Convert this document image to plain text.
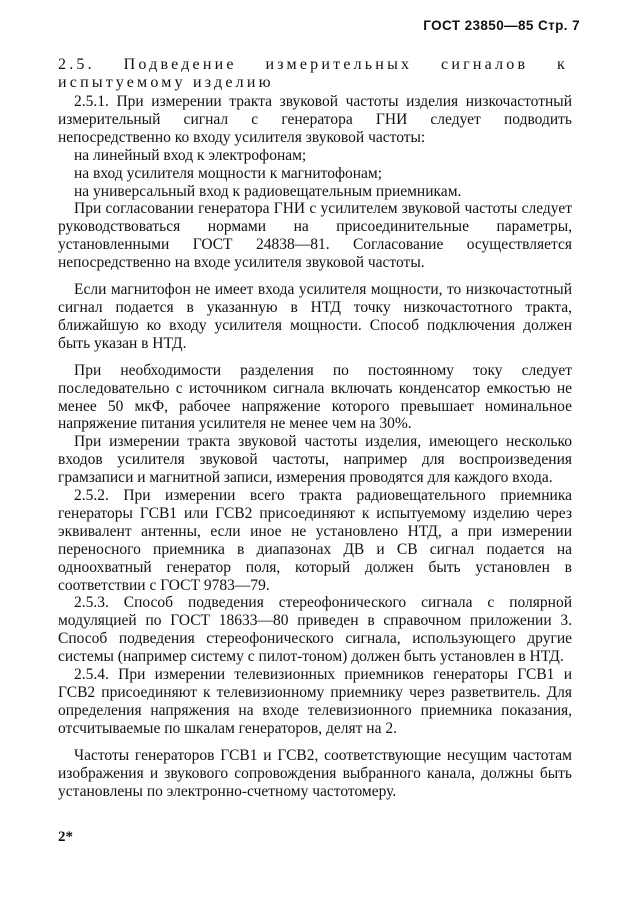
ГОСТ 23850—85 Стр. 7
2.5. Подведение измерительных сигналов к испытуемому изделию

2.5.1. При измерении тракта звуковой частоты изделия низкочастотный измерительный сигнал с генератора ГНИ следует подводить непосредственно ко входу усилителя звуковой частоты:

на линейный вход к электрофонам;

на вход усилителя мощности к магнитофонам;

на универсальный вход к радиовещательным приемникам.

При согласовании генератора ГНИ с усилителем звуковой частоты следует руководствоваться нормами на присоединительные параметры, установленными ГОСТ 24838—81. Согласование осуществляется непосредственно на входе усилителя звуковой частоты.

Если магнитофон не имеет входа усилителя мощности, то низкочастотный сигнал подается в указанную в НТД точку низкочастотного тракта, ближайшую ко входу усилителя мощности. Способ подключения должен быть указан в НТД.

При необходимости разделения по постоянному току следует последовательно с источником сигнала включать конденсатор емкостью не менее 50 мкФ, рабочее напряжение которого превышает номинальное напряжение питания усилителя не менее чем на 30%.

При измерении тракта звуковой частоты изделия, имеющего несколько входов усилителя звуковой частоты, например для воспроизведения грамзаписи и магнитной записи, измерения проводятся для каждого входа.

2.5.2. При измерении всего тракта радиовещательного приемника генераторы ГСВ1 или ГСВ2 присоединяют к испытуемому изделию через эквивалент антенны, если иное не установлено НТД, а при измерении переносного приемника в диапазонах ДВ и СВ сигнал подается на одноохватный генератор поля, который должен быть установлен в соответствии с ГОСТ 9783—79.

2.5.3. Способ подведения стереофонического сигнала с полярной модуляцией по ГОСТ 18633—80 приведен в справочном приложении 3. Способ подведения стереофонического сигнала, использующего другие системы (например систему с пилот-тоном) должен быть установлен в НТД.

2.5.4. При измерении телевизионных приемников генераторы ГСВ1 и ГСВ2 присоединяют к телевизионному приемнику через разветвитель. Для определения напряжения на входе телевизионного приемника показания, отсчитываемые по шкалам генераторов, делят на 2.

Частоты генераторов ГСВ1 и ГСВ2, соответствующие несущим частотам изображения и звукового сопровождения выбранного канала, должны быть установлены по электронно-счетному частотомеру.

2*
